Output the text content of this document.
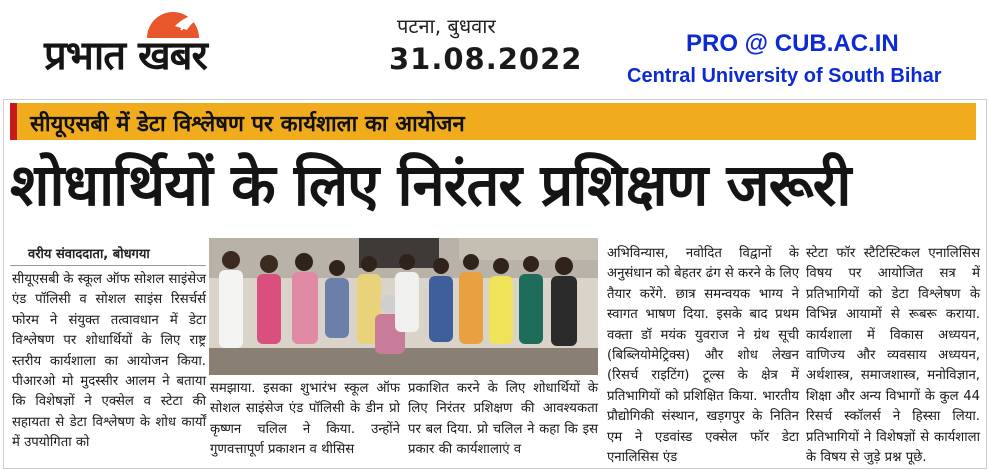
प्रभात खबर
पटना, बुधवार
31.08.2022	PRO @ CUB.AC.IN
Central University of South Bihar
सीयूएसबी में डेटा विश्लेषण पर कार्यशाला का आयोजन
शोधार्थियों के लिए निरंतर प्रशिक्षण जरूरी
वरीय संवाददाता, बोधगया
सीयूएसबी के स्कूल ऑफ सोशल साइंसेज एंड पॉलिसी व सोशल साइंस रिसर्चर्स फोरम ने संयुक्त तत्वावधान में डेटा विश्लेषण पर शोधार्थियों के लिए राष्ट्र स्तरीय कार्यशाला का आयोजन किया. पीआरओ मो मुदस्सीर आलम ने बताया कि विशेषज्ञों ने एक्सेल व स्टेटा की सहायता से डेटा विश्लेषण के शोध कार्यों में उपयोगिता को
समझाया. इसका शुभारंभ स्कूल ऑफ सोशल साइंसेज एंड पॉलिसी के डीन प्रो कृष्णन चलिल ने किया. उन्होंने गुणवत्तापूर्ण प्रकाशन व थीसिस
प्रकाशित करने के लिए शोधार्थियों के लिए निरंतर प्रशिक्षण की आवश्यकता पर बल दिया. प्रो चलिल ने कहा कि इस प्रकार की कार्यशालाएं व
अभिविन्यास, नवोदित विद्वानों के अनुसंधान को बेहतर ढंग से करने के लिए तैयार करेंगे. छात्र समन्वयक भाग्य ने स्वागत भाषण दिया. इसके बाद प्रथम वक्ता डॉ मयंक युवराज ने ग्रंथ सूची (बिब्लियोमेट्रिक्स) और शोध लेखन (रिसर्च राइटिंग) टूल्स के क्षेत्र में प्रतिभागियों को प्रशिक्षित किया. भारतीय प्रौद्योगिकी संस्थान, खड़गपुर के नितिन एम ने एडवांस्ड एक्सेल फॉर डेटा एनालिसिस एंड
स्टेटा फॉर स्टैटिस्टिकल एनालिसिस विषय पर आयोजित सत्र में प्रतिभागियों को डेटा विश्लेषण के विभिन्न आयामों से रूबरू कराया. कार्यशाला में विकास अध्ययन, वाणिज्य और व्यवसाय अध्ययन, अर्थशास्त्र, समाजशास्त्र, मनोविज्ञान, शिक्षा और अन्य विभागों के कुल 44 रिसर्च स्कॉलर्स ने हिस्सा लिया. प्रतिभागियों ने विशेषज्ञों से कार्यशाला के विषय से जुड़े प्रश्न पूछे.
